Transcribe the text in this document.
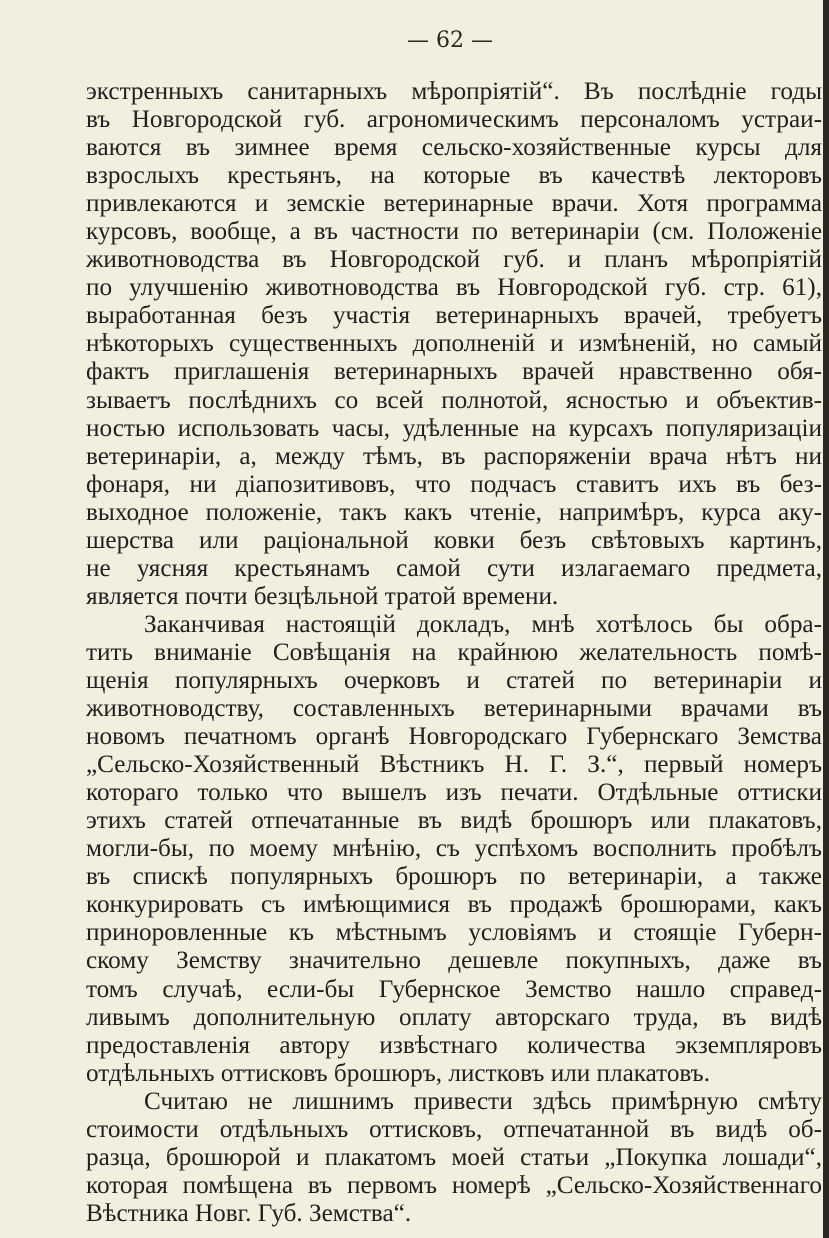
— 62 —
экстренныхъ санитарныхъ мѣропріятій“. Въ послѣдніе годы
въ Новгородской губ. агрономическимъ персоналомъ устраи-
ваются въ зимнее время сельско-хозяйственные курсы для
взрослыхъ крестьянъ, на которые въ качествѣ лекторовъ
привлекаются и земскіе ветеринарные врачи. Хотя программа
курсовъ, вообще, а въ частности по ветеринаріи (см. Положеніе
животноводства въ Новгородской губ. и планъ мѣропріятій
по улучшенію животноводства въ Новгородской губ. стр. 61),
выработанная безъ участія ветеринарныхъ врачей, требуетъ
нѣкоторыхъ существенныхъ дополненій и измѣненій, но самый
фактъ приглашенія ветеринарныхъ врачей нравственно обя-
зываетъ послѣднихъ со всей полнотой, ясностью и объектив-
ностью использовать часы, удѣленные на курсахъ популяризаціи
ветеринаріи, а, между тѣмъ, въ распоряженіи врача нѣтъ ни
фонаря, ни діапозитивовъ, что подчасъ ставитъ ихъ въ без-
выходное положеніе, такъ какъ чтеніе, напримѣръ, курса аку-
шерства или раціональной ковки безъ свѣтовыхъ картинъ,
не уясняя крестьянамъ самой сути излагаемаго предмета,
является почти безцѣльной тратой времени.
Заканчивая настоящій докладъ, мнѣ хотѣлось бы обра-
тить вниманіе Совѣщанія на крайнюю желательность помѣ-
щенія популярныхъ очерковъ и статей по ветеринаріи и
животноводству, составленныхъ ветеринарными врачами въ
новомъ печатномъ органѣ Новгородскаго Губернскаго Земства
„Сельско-Хозяйственный Вѣстникъ Н. Г. З.“, первый номеръ
котораго только что вышелъ изъ печати. Отдѣльные оттиски
этихъ статей отпечатанные въ видѣ брошюръ или плакатовъ,
могли-бы, по моему мнѣнію, съ успѣхомъ восполнить пробѣлъ
въ спискѣ популярныхъ брошюръ по ветеринаріи, а также
конкурировать съ имѣющимися въ продажѣ брошюрами, какъ
приноровленные къ мѣстнымъ условіямъ и стоящіе Губерн-
скому Земству значительно дешевле покупныхъ, даже въ
томъ случаѣ, если-бы Губернское Земство нашло справед-
ливымъ дополнительную оплату авторскаго труда, въ видѣ
предоставленія автору извѣстнаго количества экземпляровъ
отдѣльныхъ оттисковъ брошюръ, листковъ или плакатовъ.
Считаю не лишнимъ привести здѣсь примѣрную смѣту
стоимости отдѣльныхъ оттисковъ, отпечатанной въ видѣ об-
разца, брошюрой и плакатомъ моей статьи „Покупка лошади“,
которая помѣщена въ первомъ номерѣ „Сельско-Хозяйственнаго
Вѣстника Новг. Губ. Земства“.
